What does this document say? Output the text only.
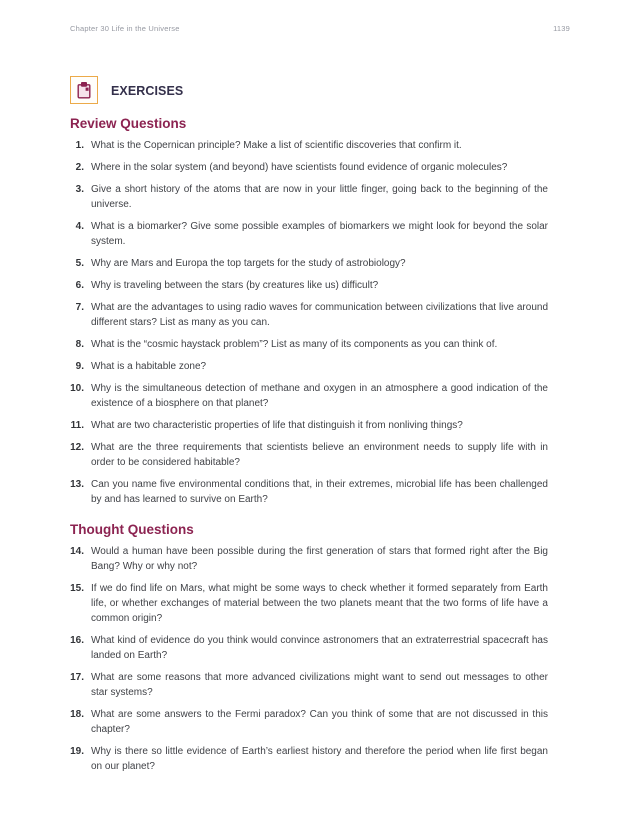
Chapter 30 Life in the Universe	1139
EXERCISES
Review Questions
1. What is the Copernican principle? Make a list of scientific discoveries that confirm it.

2. Where in the solar system (and beyond) have scientists found evidence of organic molecules?

3. Give a short history of the atoms that are now in your little finger, going back to the beginning of the universe.

4. What is a biomarker? Give some possible examples of biomarkers we might look for beyond the solar system.

5. Why are Mars and Europa the top targets for the study of astrobiology?

6. Why is traveling between the stars (by creatures like us) difficult?

7. What are the advantages to using radio waves for communication between civilizations that live around different stars? List as many as you can.

8. What is the “cosmic haystack problem”? List as many of its components as you can think of.

9. What is a habitable zone?

10. Why is the simultaneous detection of methane and oxygen in an atmosphere a good indication of the existence of a biosphere on that planet?

11. What are two characteristic properties of life that distinguish it from nonliving things?

12. What are the three requirements that scientists believe an environment needs to supply life with in order to be considered habitable?

13. Can you name five environmental conditions that, in their extremes, microbial life has been challenged by and has learned to survive on Earth?

Thought Questions
14. Would a human have been possible during the first generation of stars that formed right after the Big Bang? Why or why not?

15. If we do find life on Mars, what might be some ways to check whether it formed separately from Earth life, or whether exchanges of material between the two planets meant that the two forms of life have a common origin?

16. What kind of evidence do you think would convince astronomers that an extraterrestrial spacecraft has landed on Earth?

17. What are some reasons that more advanced civilizations might want to send out messages to other star systems?

18. What are some answers to the Fermi paradox? Can you think of some that are not discussed in this chapter?

19. Why is there so little evidence of Earth’s earliest history and therefore the period when life first began on our planet?
